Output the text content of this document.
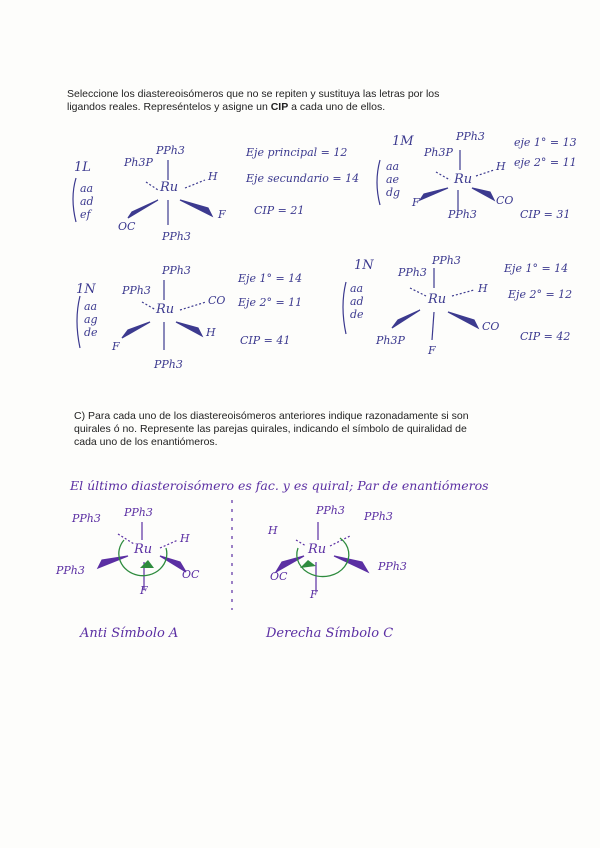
Seleccione los diastereoisómeros que no se repiten y sustituya las letras por los
ligandos reales. Represéntelos y asigne un CIP a cada uno de ellos.
C) Para cada uno de los diastereoisómeros anteriores indique razonadamente si son
quirales ó no. Represente las parejas quirales, indicando el símbolo de quiralidad de
cada uno de los enantiómeros.
1L
aa
ad
ef
PPh3
Ph3P
Ru
H
OC
F
PPh3
Eje principal = 12
Eje secundario = 14
CIP = 21
1M
aa
ae
dg
PPh3
Ph3P
Ru
H
F	CO
PPh3
eje 1° = 13
eje 2° = 11
CIP = 31
1N
aa
ag
de
PPh3
PPh3
Ru
CO
F
H
PPh3
Eje 1° = 14
Eje 2° = 11
CIP = 41
1N
aa
ad
de
PPh3
PPh3
Ru
H
Ph3P
CO
F
Eje 1° = 14
Eje 2° = 12
CIP = 42
El último diasteroisómero es fac. y es quiral; Par de enantiómeros
PPh3
PPh3
PPh3
Ru
H
OC
F
Anti Símbolo A
PPh3 PPh3
PPh3
Ru
H
OC
F
Derecha Símbolo C
